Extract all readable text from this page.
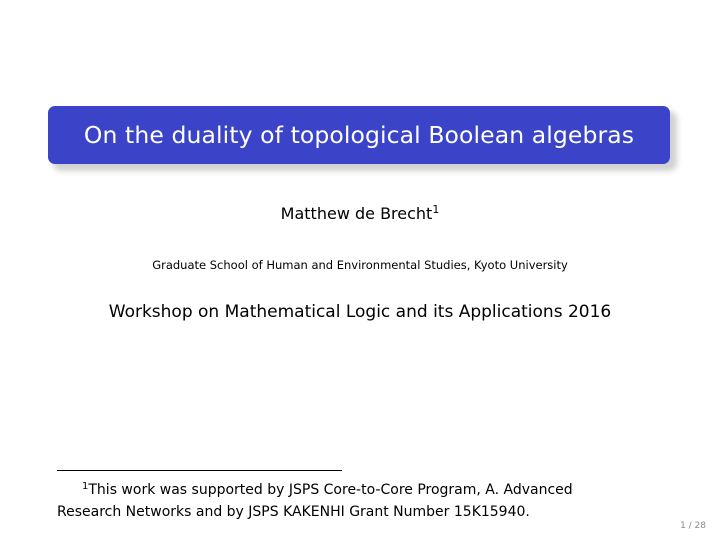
On the duality of topological Boolean algebras
Matthew de Brecht$^1$
Graduate School of Human and Environmental Studies, Kyoto University
Workshop on Mathematical Logic and its Applications 2016
$^1$This work was supported by JSPS Core-to-Core Program, A. Advanced
Research Networks and by JSPS KAKENHI Grant Number 15K15940.
1 / 28
